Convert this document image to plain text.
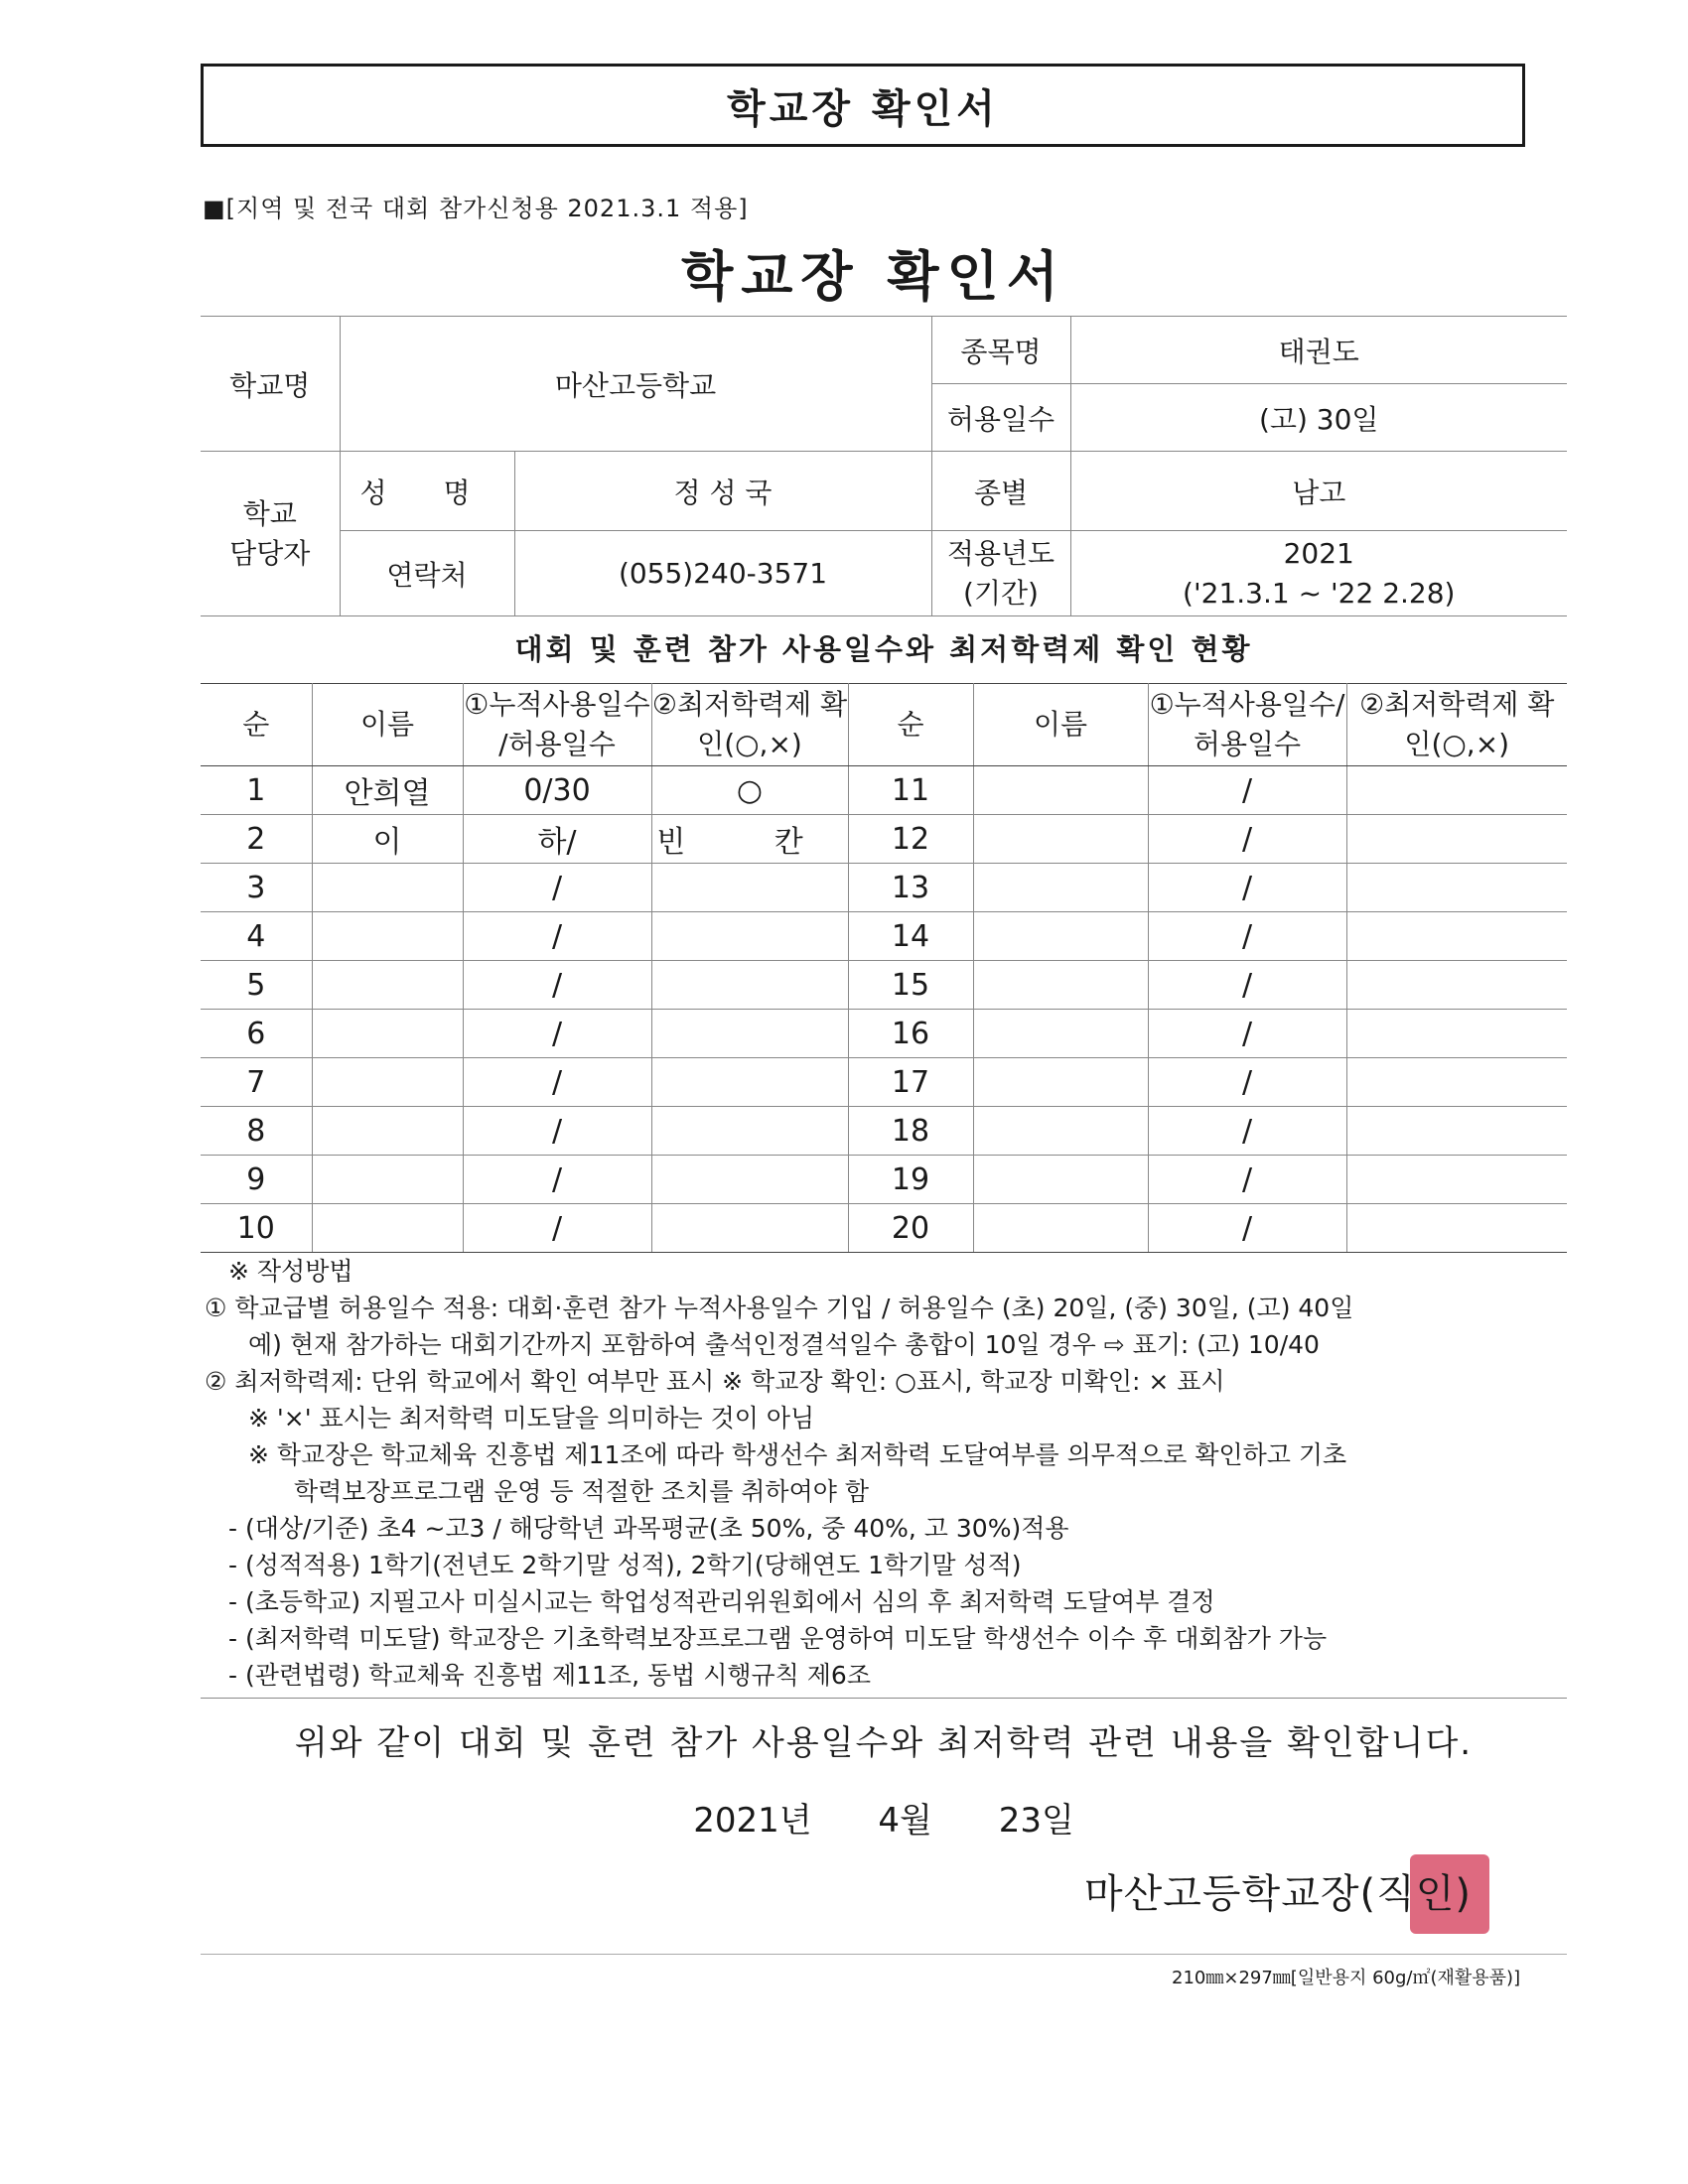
학교장 확인서
■[지역 및 전국 대회 참가신청용 2021.3.1 적용]
학교장 확인서
학교명	마산고등학교		종목명	태권도
			허용일수	(고) 30일
학교 담당자	성 명	정 성 국	종별	남고
	연락처	(055)240-3571	적용년도 (기간)	2021
('21.3.1 ~ '22 2.28)
대회 및 훈련 참가 사용일수와 최저학력제 확인 현황
순	이름	①누적사용일수 /허용일수	②최저학력제 확인(○,×)	순	이름	①누적사용일수/ 허용일수	②최저학력제 확인(○,×)
1	안희열	0/30	○	11		/	
2	이	하/	빈 칸	12		/	
3		/		13		/	
4		/		14		/	
5		/		15		/	
6		/		16		/	
7		/		17		/	
8		/		18		/	
9		/		19		/	
10		/		20		/	
※ 작성방법
① 학교급별 허용일수 적용: 대회·훈련 참가 누적사용일수 기입 / 허용일수 (초) 20일, (중) 30일, (고) 40일
예) 현재 참가하는 대회기간까지 포함하여 출석인정결석일수 총합이 10일 경우 ⇨ 표기: (고) 10/40
② 최저학력제: 단위 학교에서 확인 여부만 표시 ※ 학교장 확인: ○표시, 학교장 미확인: × 표시
※ '×' 표시는 최저학력 미도달을 의미하는 것이 아님
※ 학교장은 학교체육 진흥법 제11조에 따라 학생선수 최저학력 도달여부를 의무적으로 확인하고 기초
학력보장프로그램 운영 등 적절한 조치를 취하여야 함
- (대상/기준) 초4 ~고3 / 해당학년 과목평균(초 50%, 중 40%, 고 30%)적용
- (성적적용) 1학기(전년도 2학기말 성적), 2학기(당해연도 1학기말 성적)
- (초등학교) 지필고사 미실시교는 학업성적관리위원회에서 심의 후 최저학력 도달여부 결정
- (최저학력 미도달) 학교장은 기초학력보장프로그램 운영하여 미도달 학생선수 이수 후 대회참가 가능
- (관련법령) 학교체육 진흥법 제11조, 동법 시행규칙 제6조
위와 같이 대회 및 훈련 참가 사용일수와 최저학력 관련 내용을 확인합니다.
2021년 4월 23일
마산고등학교장(직인)
210㎜×297㎜[일반용지 60g/㎡(재활용품)]
